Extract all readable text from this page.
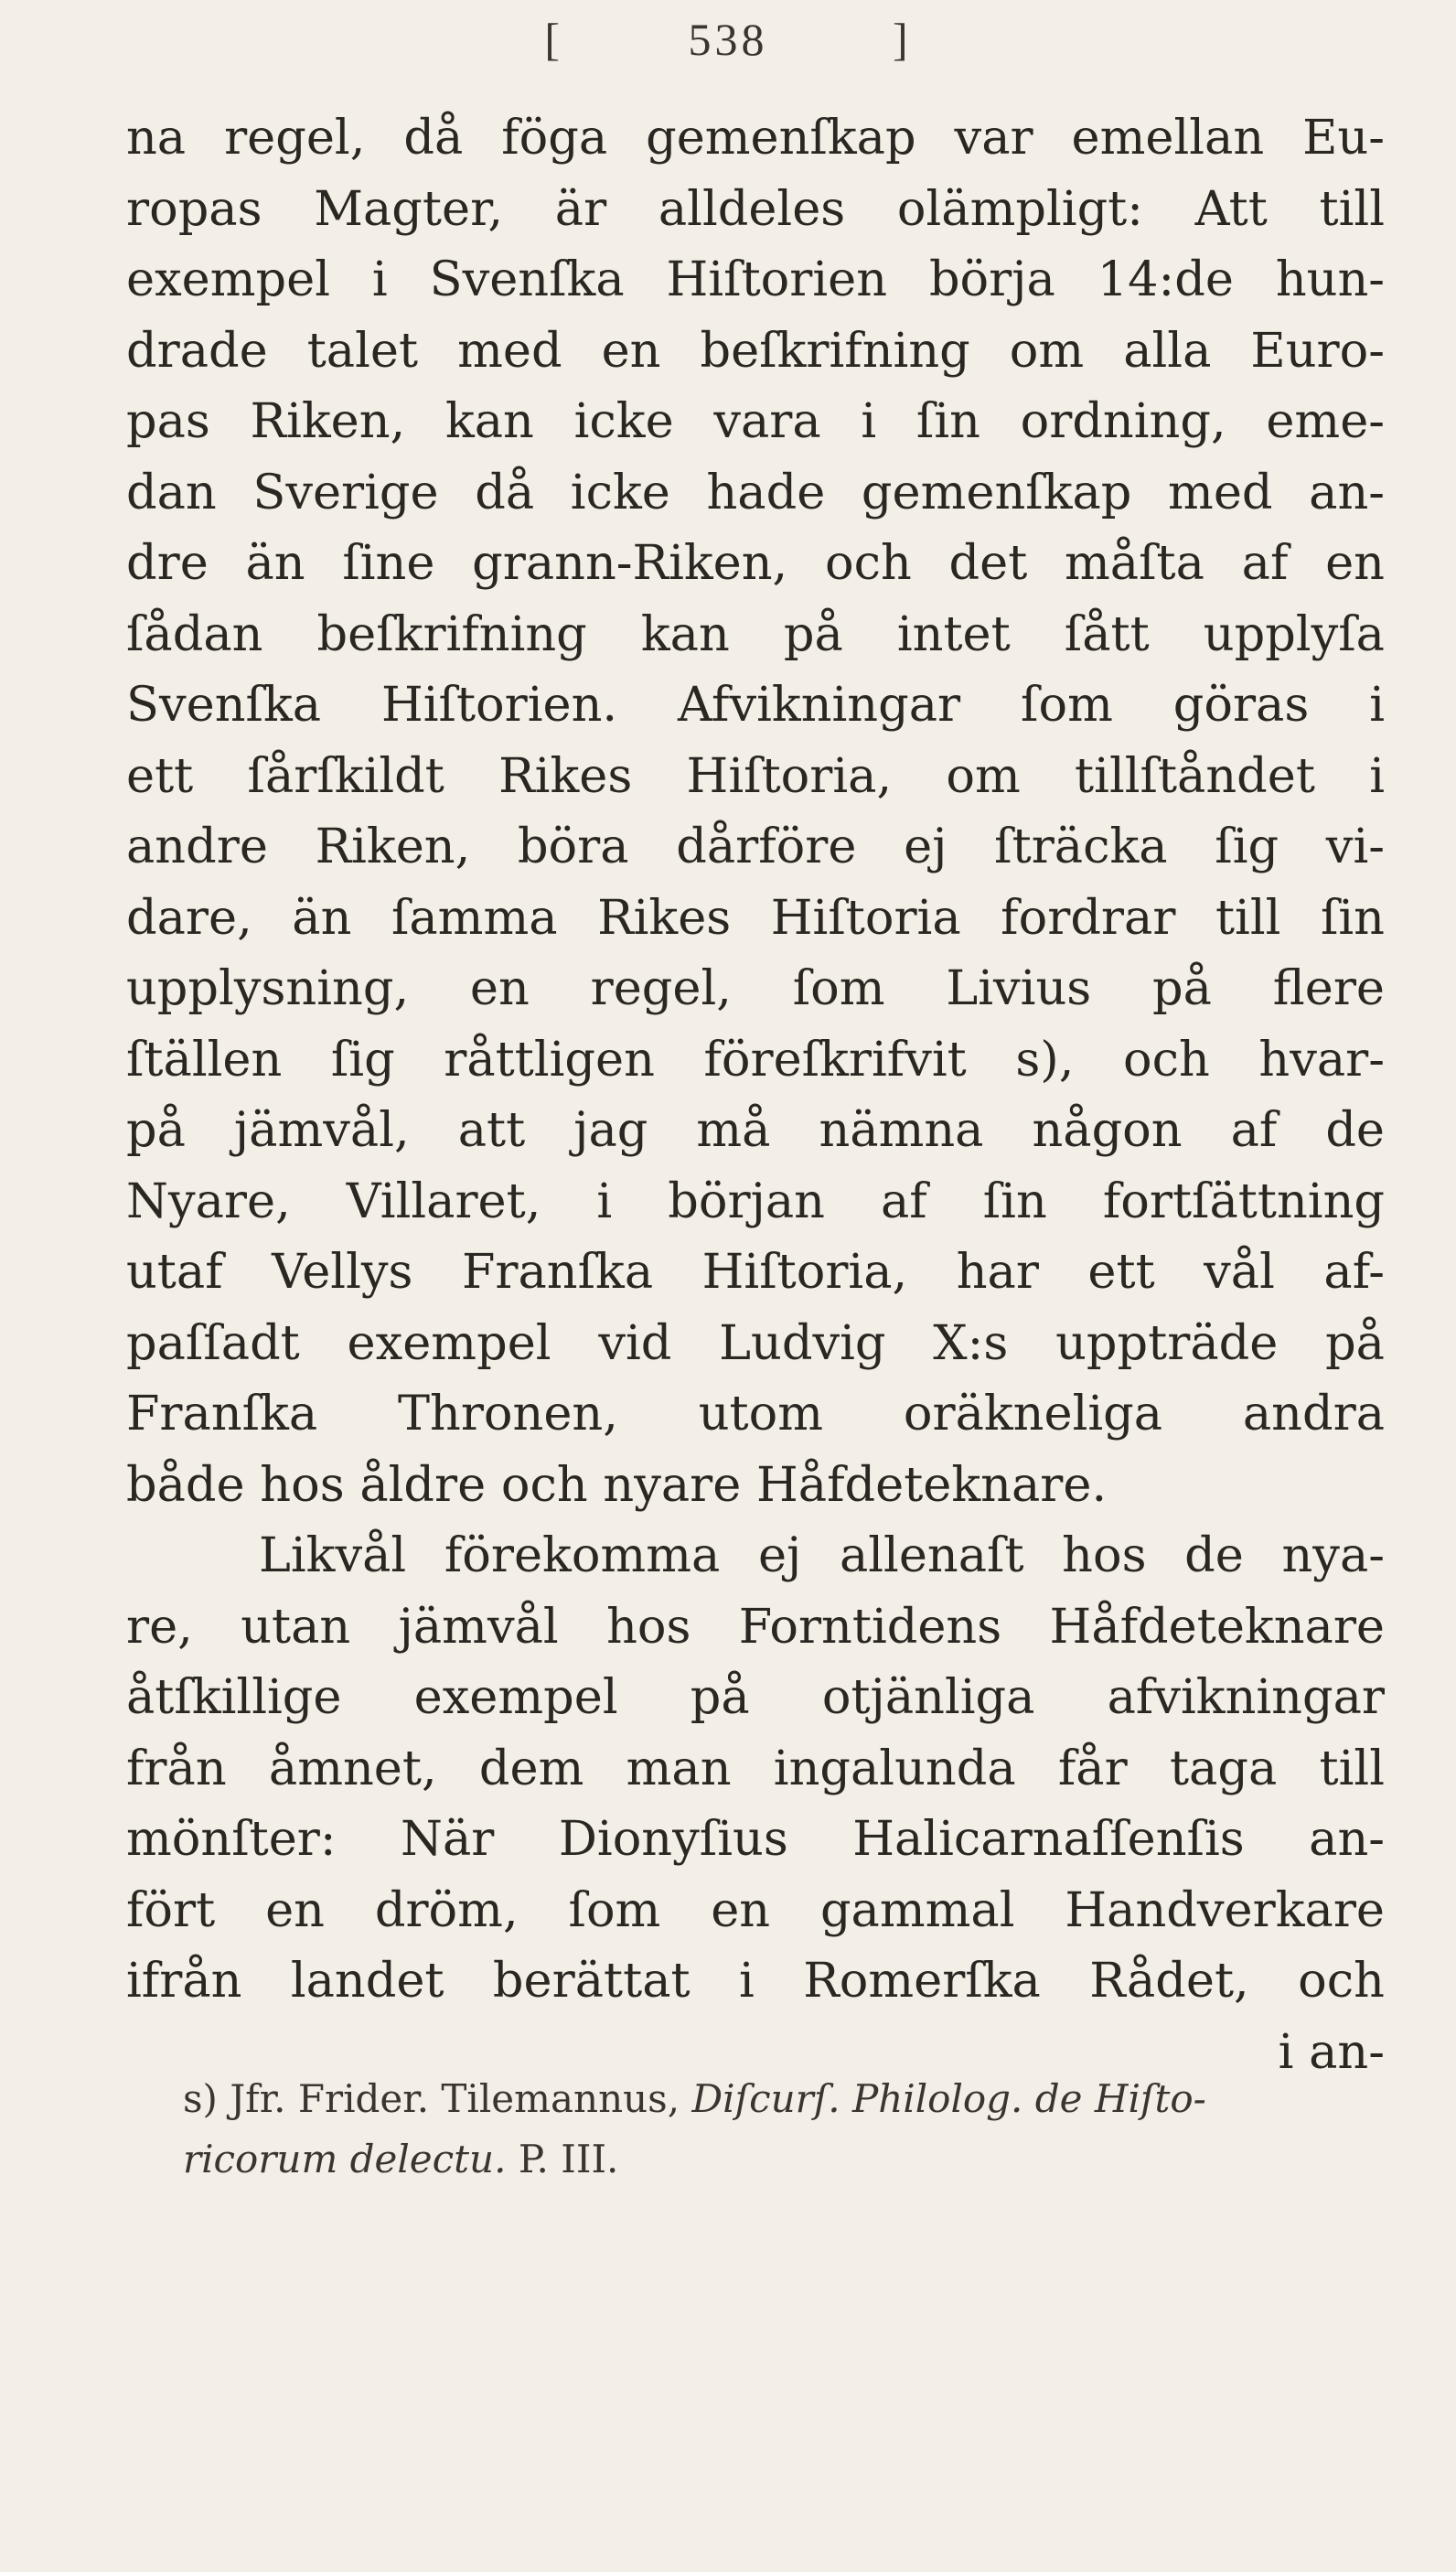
[	538	]
na regel, då föga gemenſkap var emellan Eu-
ropas Magter, är alldeles olämpligt: Att till
exempel i Svenſka Hiſtorien börja 14:de hun-
drade talet med en beſkrifning om alla Euro-
pas Riken, kan icke vara i ſin ordning, eme-
dan Sverige då icke hade gemenſkap med an-
dre än ſine grann-Riken, och det måſta af en
ſådan beſkrifning kan på intet ſått upplyſa
Svenſka Hiſtorien. Afvikningar ſom göras i
ett ſårſkildt Rikes Hiſtoria, om tillſtåndet i
andre Riken, böra dårföre ej ſträcka ſig vi-
dare, än ſamma Rikes Hiſtoria fordrar till ſin
upplysning, en regel, ſom Livius på flere
ſtällen ſig råttligen föreſkrifvit s), och hvar-
på jämvål, att jag må nämna någon af de
Nyare, Villaret, i början af ſin fortſättning
utaf Vellys Franſka Hiſtoria, har ett vål af-
paſſadt exempel vid Ludvig X:s uppträde på
Franſka Thronen, utom oräkneliga andra
både hos åldre och nyare Håfdeteknare.
Likvål förekomma ej allenaſt hos de nya-
re, utan jämvål hos Forntidens Håfdeteknare
åtſkillige exempel på otjänliga afvikningar
från åmnet, dem man ingalunda får taga till
mönſter: När Dionyſius Halicarnaſſenſis an-
fört en dröm, ſom en gammal Handverkare
ifrån landet berättat i Romerſka Rådet, och
i an-
s) Jfr. Frider. Tilemannus, Diſcurſ. Philolog. de Hiſto-
ricorum delectu. P. III.
